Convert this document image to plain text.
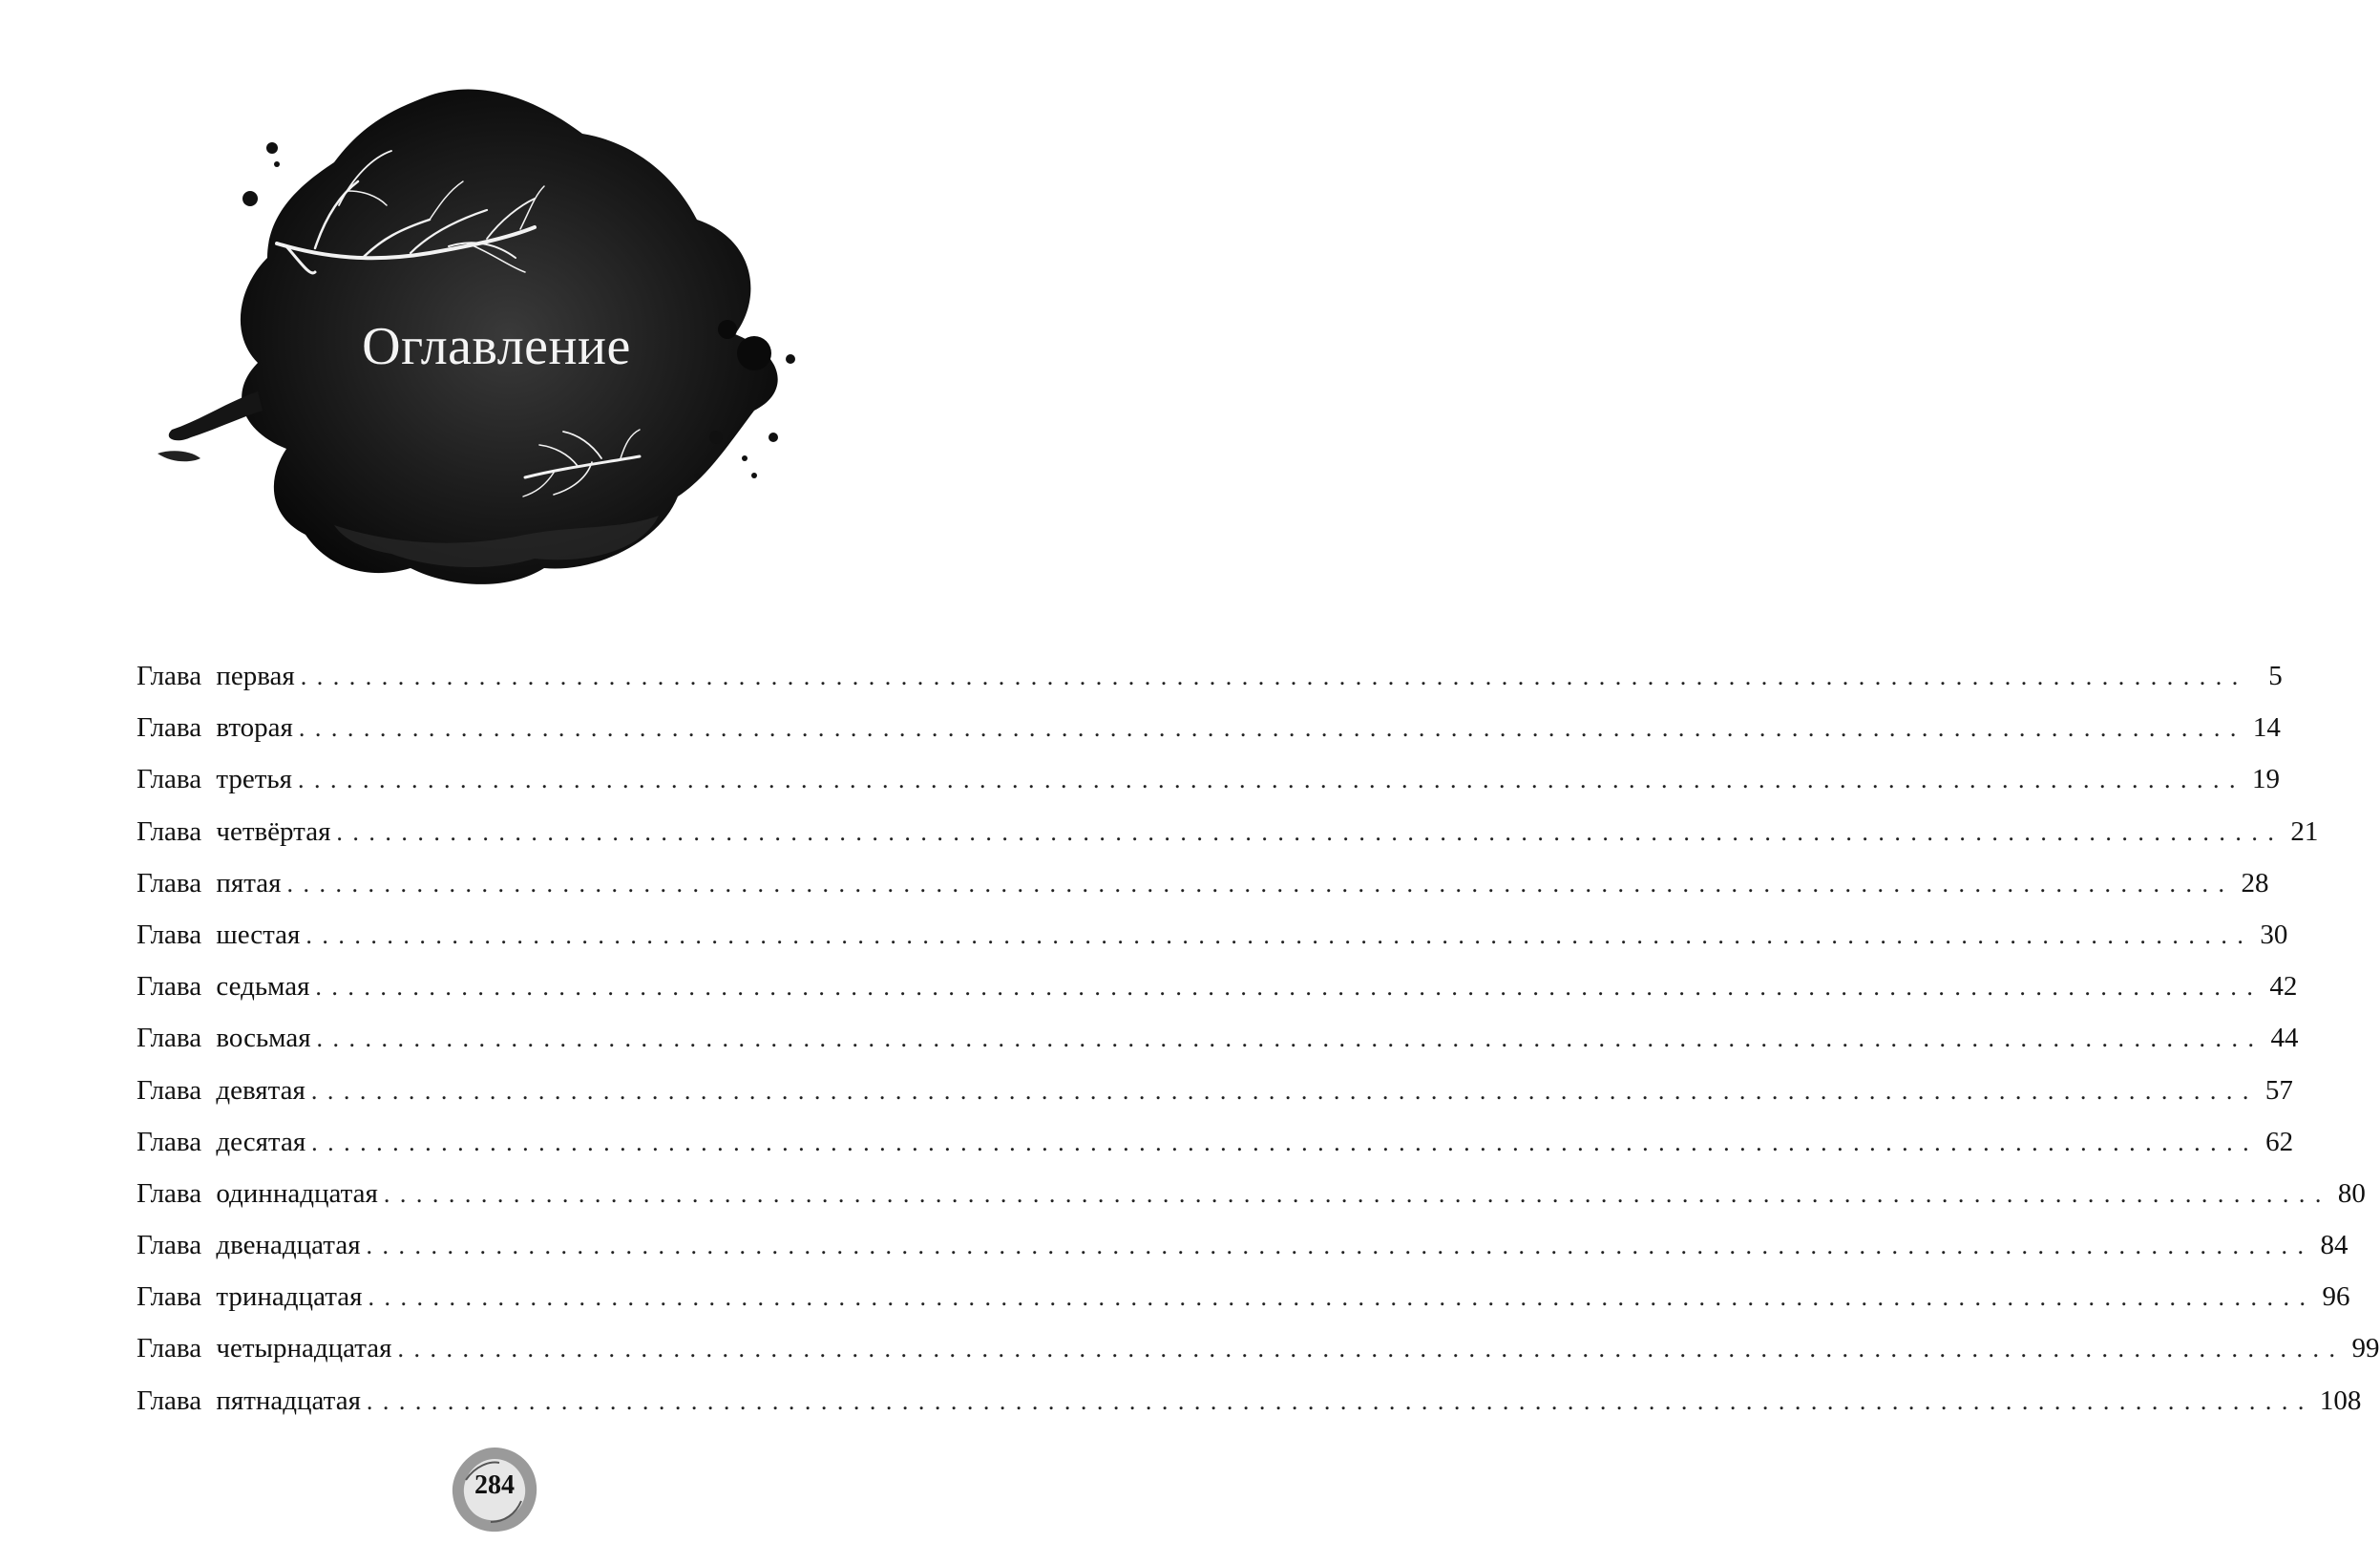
Оглавление
Глава первая ........................................................................................................................ 5
Глава вторая ........................................................................................................................ 14
Глава третья ........................................................................................................................ 19
Глава четвёртая ........................................................................................................................ 21
Глава пятая ........................................................................................................................ 28
Глава шестая ........................................................................................................................ 30
Глава седьмая ........................................................................................................................ 42
Глава восьмая ........................................................................................................................ 44
Глава девятая ........................................................................................................................ 57
Глава десятая ........................................................................................................................ 62
Глава одиннадцатая ........................................................................................................................ 80
Глава двенадцатая ........................................................................................................................ 84
Глава тринадцатая ........................................................................................................................ 96
Глава четырнадцатая ........................................................................................................................ 99
Глава пятнадцатая ........................................................................................................................ 108
284
